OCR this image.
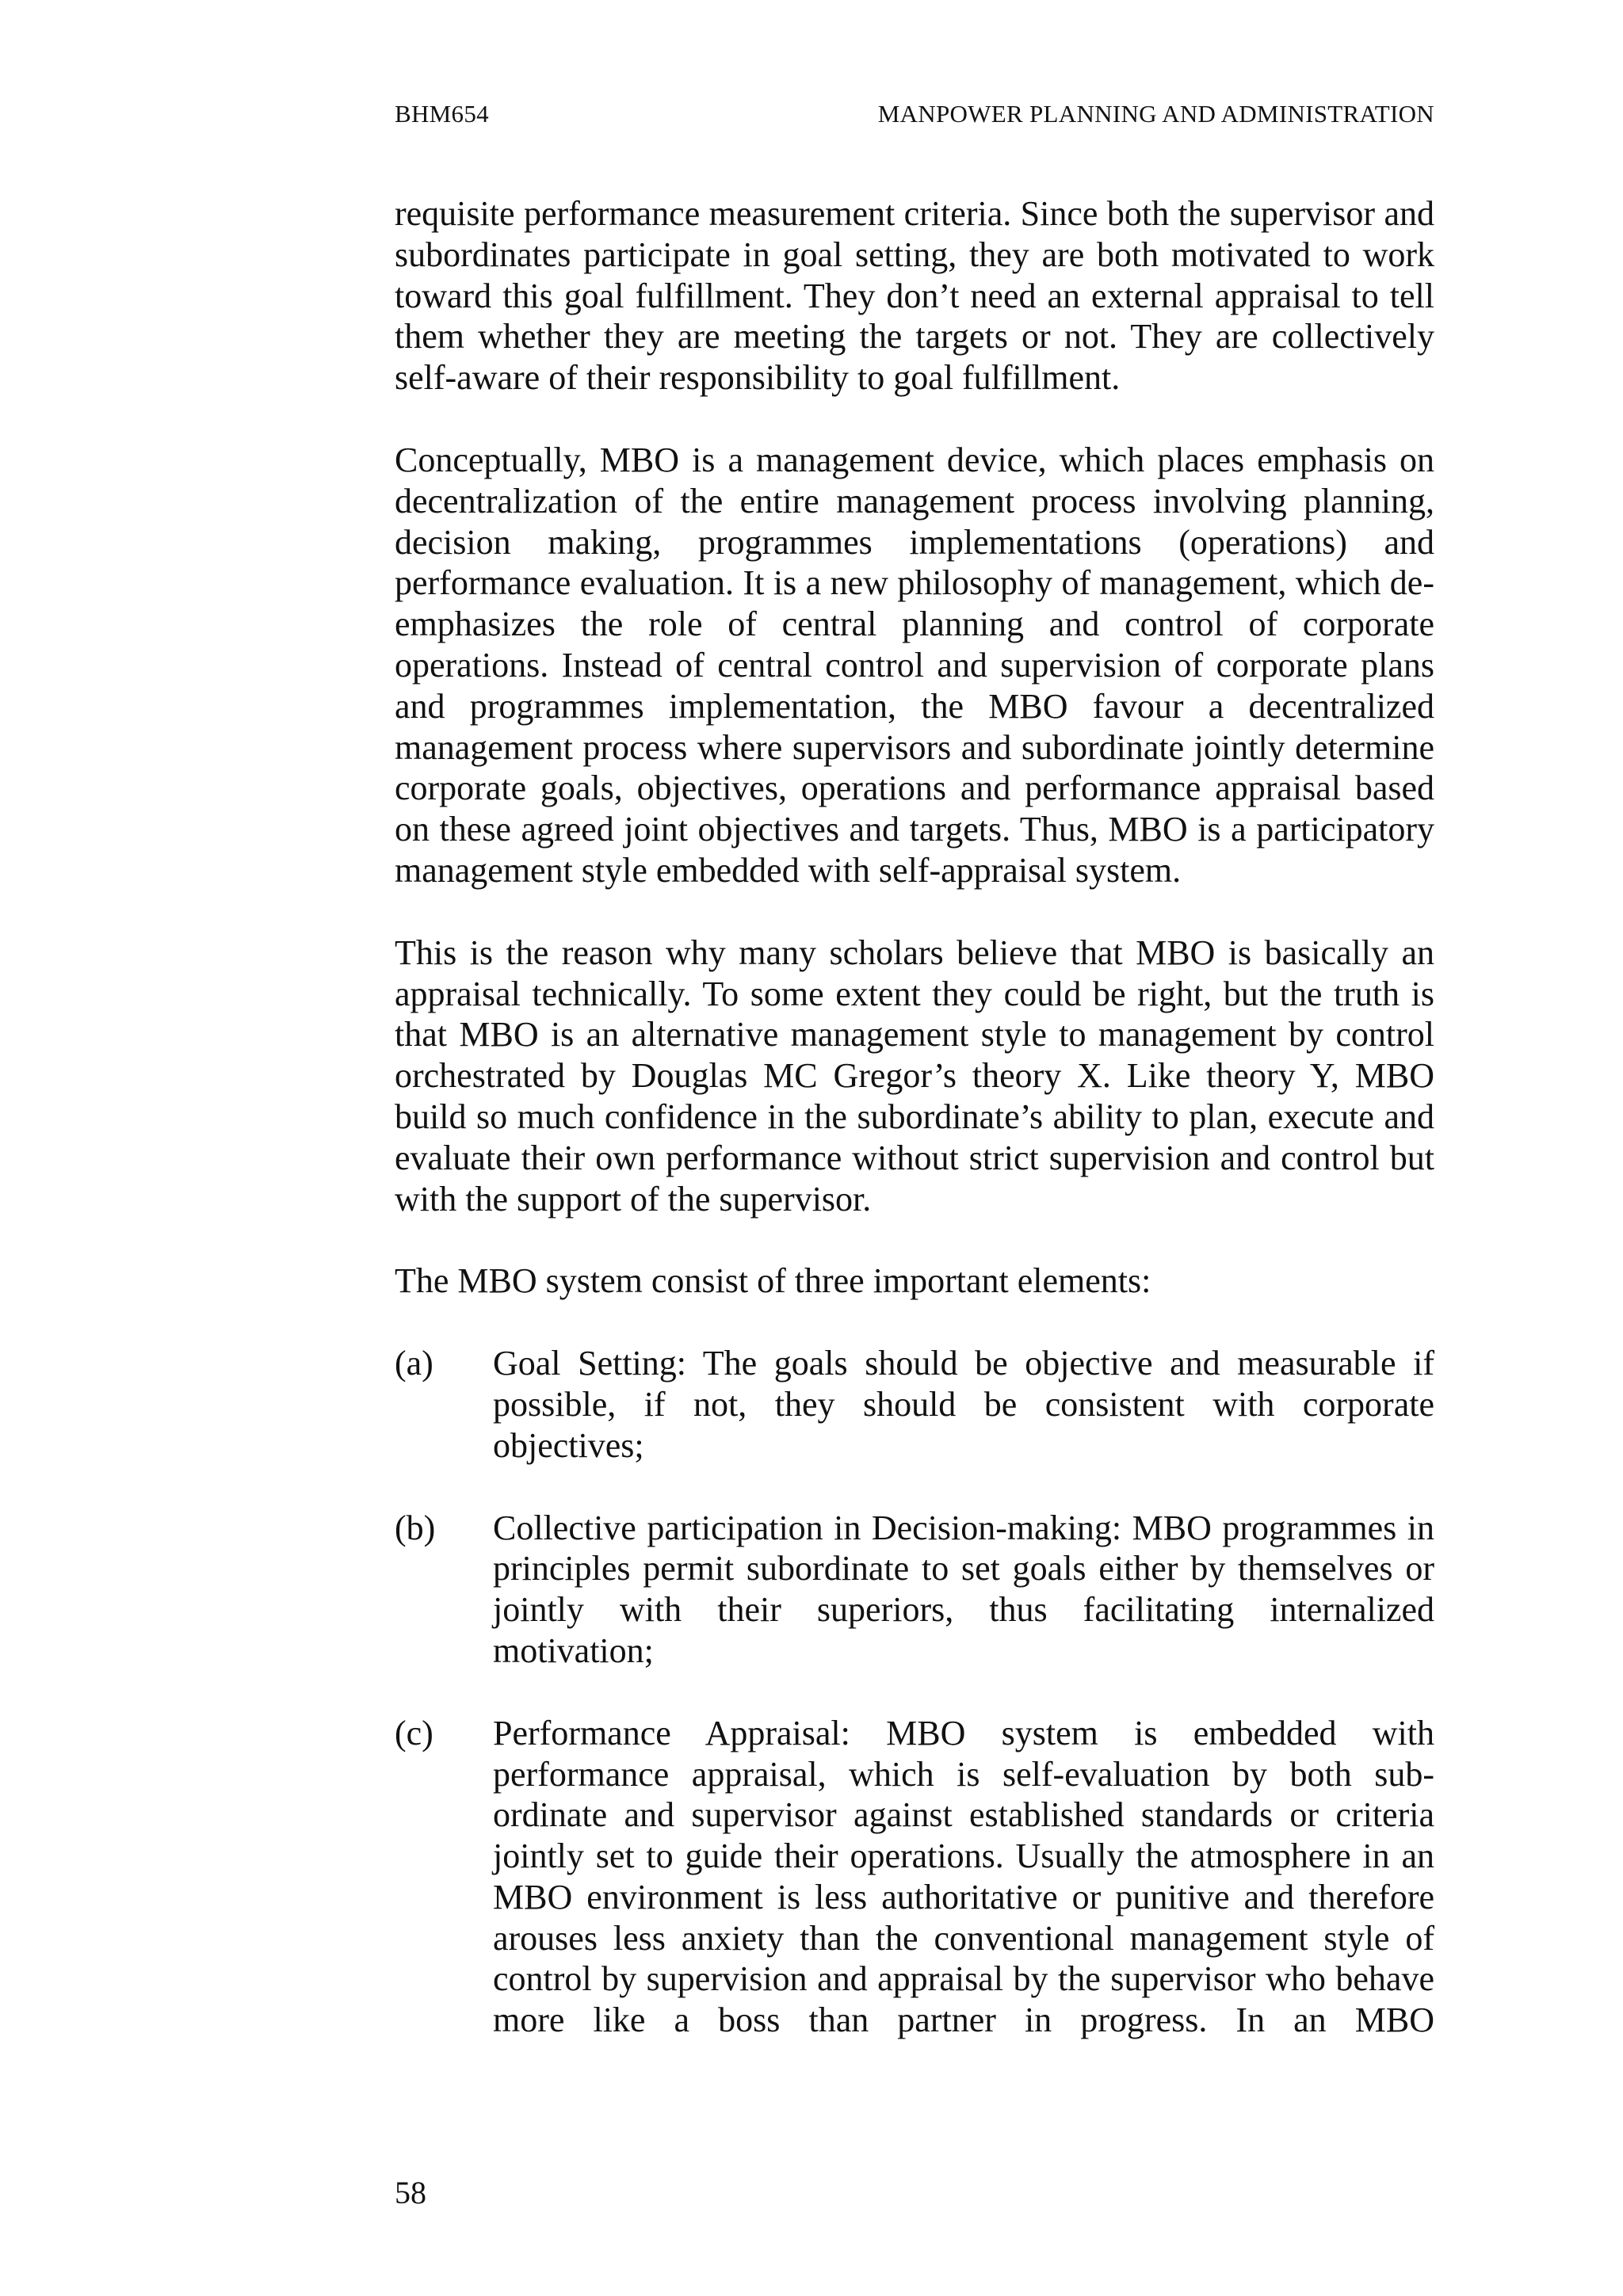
BHM654	MANPOWER PLANNING AND ADMINISTRATION

requisite performance measurement criteria. Since both the supervisor and subordinates participate in goal setting, they are both motivated to work toward this goal fulfillment. They don’t need an external appraisal to tell them whether they are meeting the targets or not. They are collectively self-aware of their responsibility to goal fulfillment.

Conceptually, MBO is a management device, which places emphasis on decentralization of the entire management process involving planning, decision making, programmes implementations (operations) and performance evaluation. It is a new philosophy of management, which de-emphasizes the role of central planning and control of corporate operations. Instead of central control and supervision of corporate plans and programmes implementation, the MBO favour a decentralized management process where supervisors and subordinate jointly determine corporate goals, objectives, operations and performance appraisal based on these agreed joint objectives and targets. Thus, MBO is a participatory management style embedded with self-appraisal system.

This is the reason why many scholars believe that MBO is basically an appraisal technically. To some extent they could be right, but the truth is that MBO is an alternative management style to management by control orchestrated by Douglas MC Gregor’s theory X. Like theory Y, MBO build so much confidence in the subordinate’s ability to plan, execute and evaluate their own performance without strict supervision and control but with the support of the supervisor.

The MBO system consist of three important elements:

(a)	Goal Setting: The goals should be objective and measurable if possible, if not, they should be consistent with corporate objectives;
(b)	Collective participation in Decision-making: MBO programmes in principles permit subordinate to set goals either by themselves or jointly with their superiors, thus facilitating internalized motivation;
(c)	Performance Appraisal: MBO system is embedded with performance appraisal, which is self-evaluation by both sub-ordinate and supervisor against established standards or criteria jointly set to guide their operations. Usually the atmosphere in an MBO environment is less authoritative or punitive and therefore arouses less anxiety than the conventional management style of control by supervision and appraisal by the supervisor who behave more like a boss than partner in progress. In an MBO
58
